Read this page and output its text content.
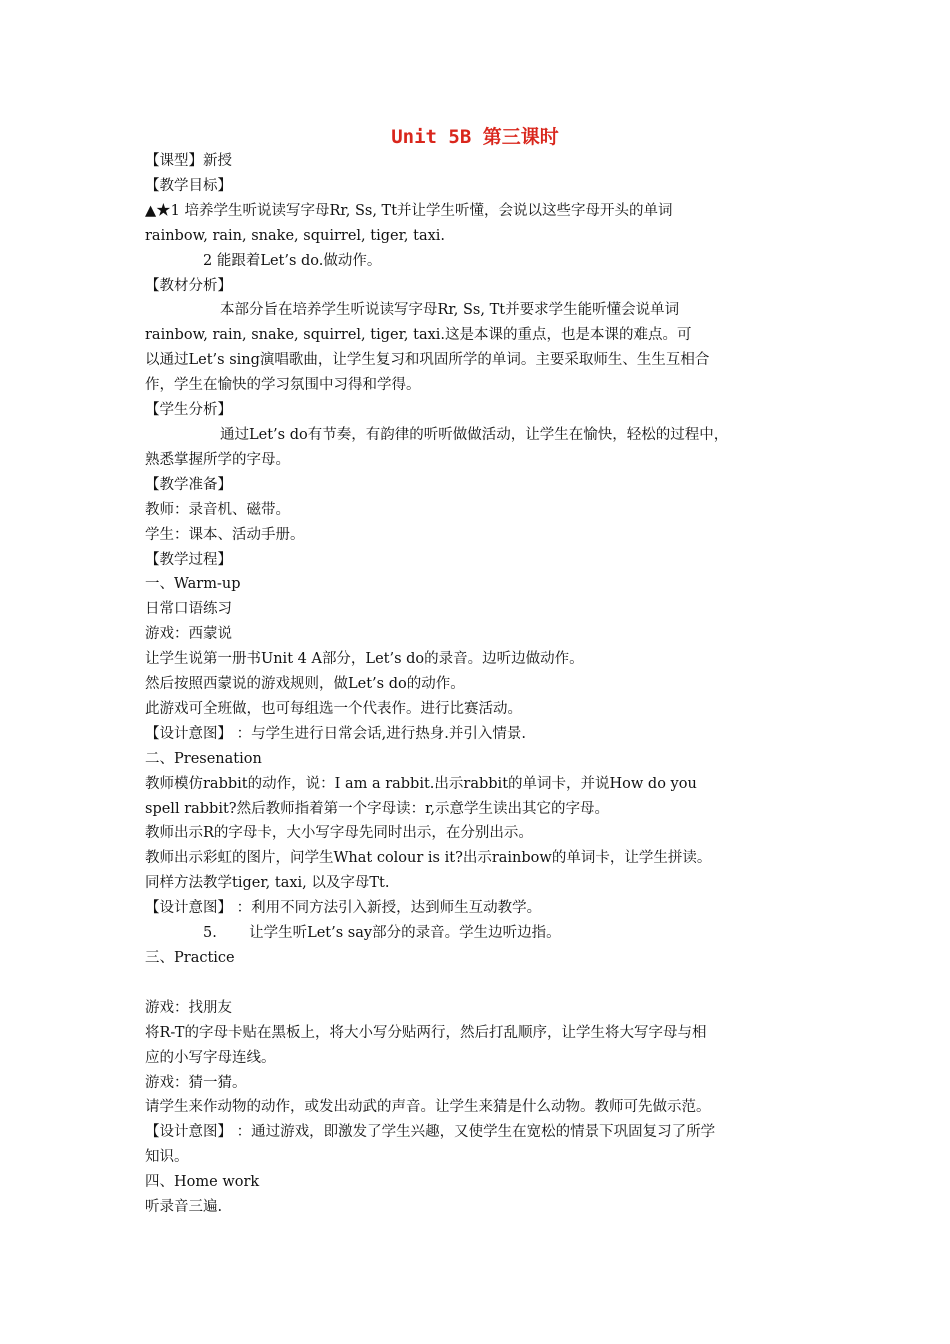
Unit 5B 第三课时

【课型】新授

【教学目标】

▲★1 培养学生听说读写字母Rr, Ss, Tt并让学生听懂，会说以这些字母开头的单词

rainbow, rain, snake, squirrel, tiger, taxi.

2 能跟着Let’s do.做动作。

【教材分析】

本部分旨在培养学生听说读写字母Rr, Ss, Tt并要求学生能听懂会说单词

rainbow, rain, snake, squirrel, tiger, taxi.这是本课的重点，也是本课的难点。可

以通过Let’s sing演唱歌曲，让学生复习和巩固所学的单词。主要采取师生、生生互相合

作，学生在愉快的学习氛围中习得和学得。

【学生分析】

通过Let’s do有节奏，有韵律的听听做做活动，让学生在愉快，轻松的过程中，

熟悉掌握所学的字母。

【教学准备】

教师：录音机、磁带。

学生：课本、活动手册。

【教学过程】

一、Warm-up

日常口语练习

游戏：西蒙说

让学生说第一册书Unit 4 A部分，Let’s do的录音。边听边做动作。

然后按照西蒙说的游戏规则，做Let’s do的动作。

此游戏可全班做，也可每组选一个代表作。进行比赛活动。

【设计意图】 ：与学生进行日常会话,进行热身.并引入情景.

二、Presenation

教师模仿rabbit的动作，说：I am a rabbit.出示rabbit的单词卡，并说How do you

spell rabbit?然后教师指着第一个字母读：r,示意学生读出其它的字母。

教师出示R的字母卡，大小写字母先同时出示，在分别出示。

教师出示彩虹的图片，问学生What colour is it?出示rainbow的单词卡，让学生拼读。

同样方法教学tiger, taxi, 以及字母Tt.

【设计意图】 ：利用不同方法引入新授，达到师生互动教学。

5.       让学生听Let’s say部分的录音。学生边听边指。

三、Practice

游戏：找朋友

将R-T的字母卡贴在黑板上，将大小写分贴两行，然后打乱顺序，让学生将大写字母与相

应的小写字母连线。

游戏：猜一猜。

请学生来作动物的动作，或发出动武的声音。让学生来猜是什么动物。教师可先做示范。

【设计意图】 ：通过游戏，即激发了学生兴趣，又使学生在宽松的情景下巩固复习了所学

知识。

四、Home work

听录音三遍.
